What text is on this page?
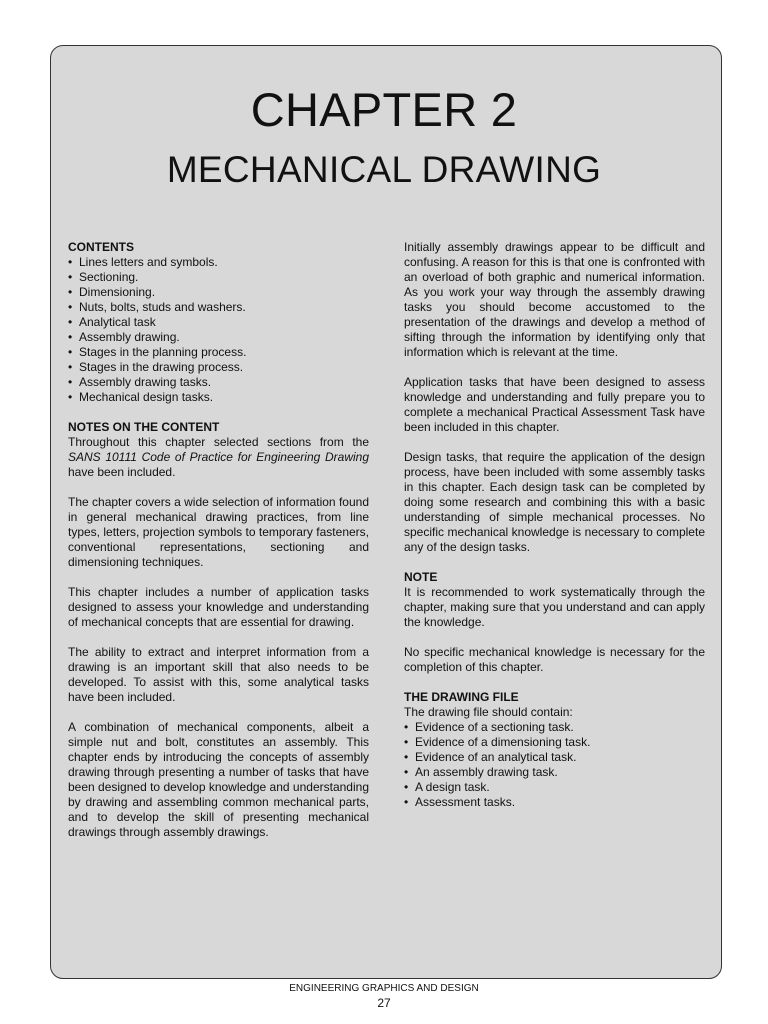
CHAPTER 2
MECHANICAL DRAWING

CONTENTS

• Lines letters and symbols.
• Sectioning.
• Dimensioning.
• Nuts, bolts, studs and washers.
• Analytical task
• Assembly drawing.
• Stages in the planning process.
• Stages in the drawing process.
• Assembly drawing tasks.
• Mechanical design tasks.

NOTES ON THE CONTENT

Throughout this chapter selected sections from the SANS 10111 Code of Practice for Engineering Drawing have been included.

The chapter covers a wide selection of information found in general mechanical drawing practices, from line types, letters, projection symbols to temporary fasteners, conventional representations, sectioning and dimensioning techniques.

This chapter includes a number of application tasks designed to assess your knowledge and understanding of mechanical concepts that are essential for drawing.

The ability to extract and interpret information from a drawing is an important skill that also needs to be developed. To assist with this, some analytical tasks have been included.

A combination of mechanical components, albeit a simple nut and bolt, constitutes an assembly. This chapter ends by introducing the concepts of assembly drawing through presenting a number of tasks that have been designed to develop knowledge and understanding by drawing and assembling common mechanical parts, and to develop the skill of presenting mechanical drawings through assembly drawings.

Initially assembly drawings appear to be difficult and confusing. A reason for this is that one is confronted with an overload of both graphic and numerical information. As you work your way through the assembly drawing tasks you should become accustomed to the presentation of the drawings and develop a method of sifting through the information by identifying only that information which is relevant at the time.

Application tasks that have been designed to assess knowledge and understanding and fully prepare you to complete a mechanical Practical Assessment Task have been included in this chapter.

Design tasks, that require the application of the design process, have been included with some assembly tasks in this chapter. Each design task can be completed by doing some research and combining this with a basic understanding of simple mechanical processes. No specific mechanical knowledge is necessary to complete any of the design tasks.

NOTE

It is recommended to work systematically through the chapter, making sure that you understand and can apply the knowledge.

No specific mechanical knowledge is necessary for the completion of this chapter.

THE DRAWING FILE

The drawing file should contain:

• Evidence of a sectioning task.
• Evidence of a dimensioning task.
• Evidence of an analytical task.
• An assembly drawing task.
• A design task.
• Assessment tasks.
ENGINEERING GRAPHICS AND DESIGN
27
